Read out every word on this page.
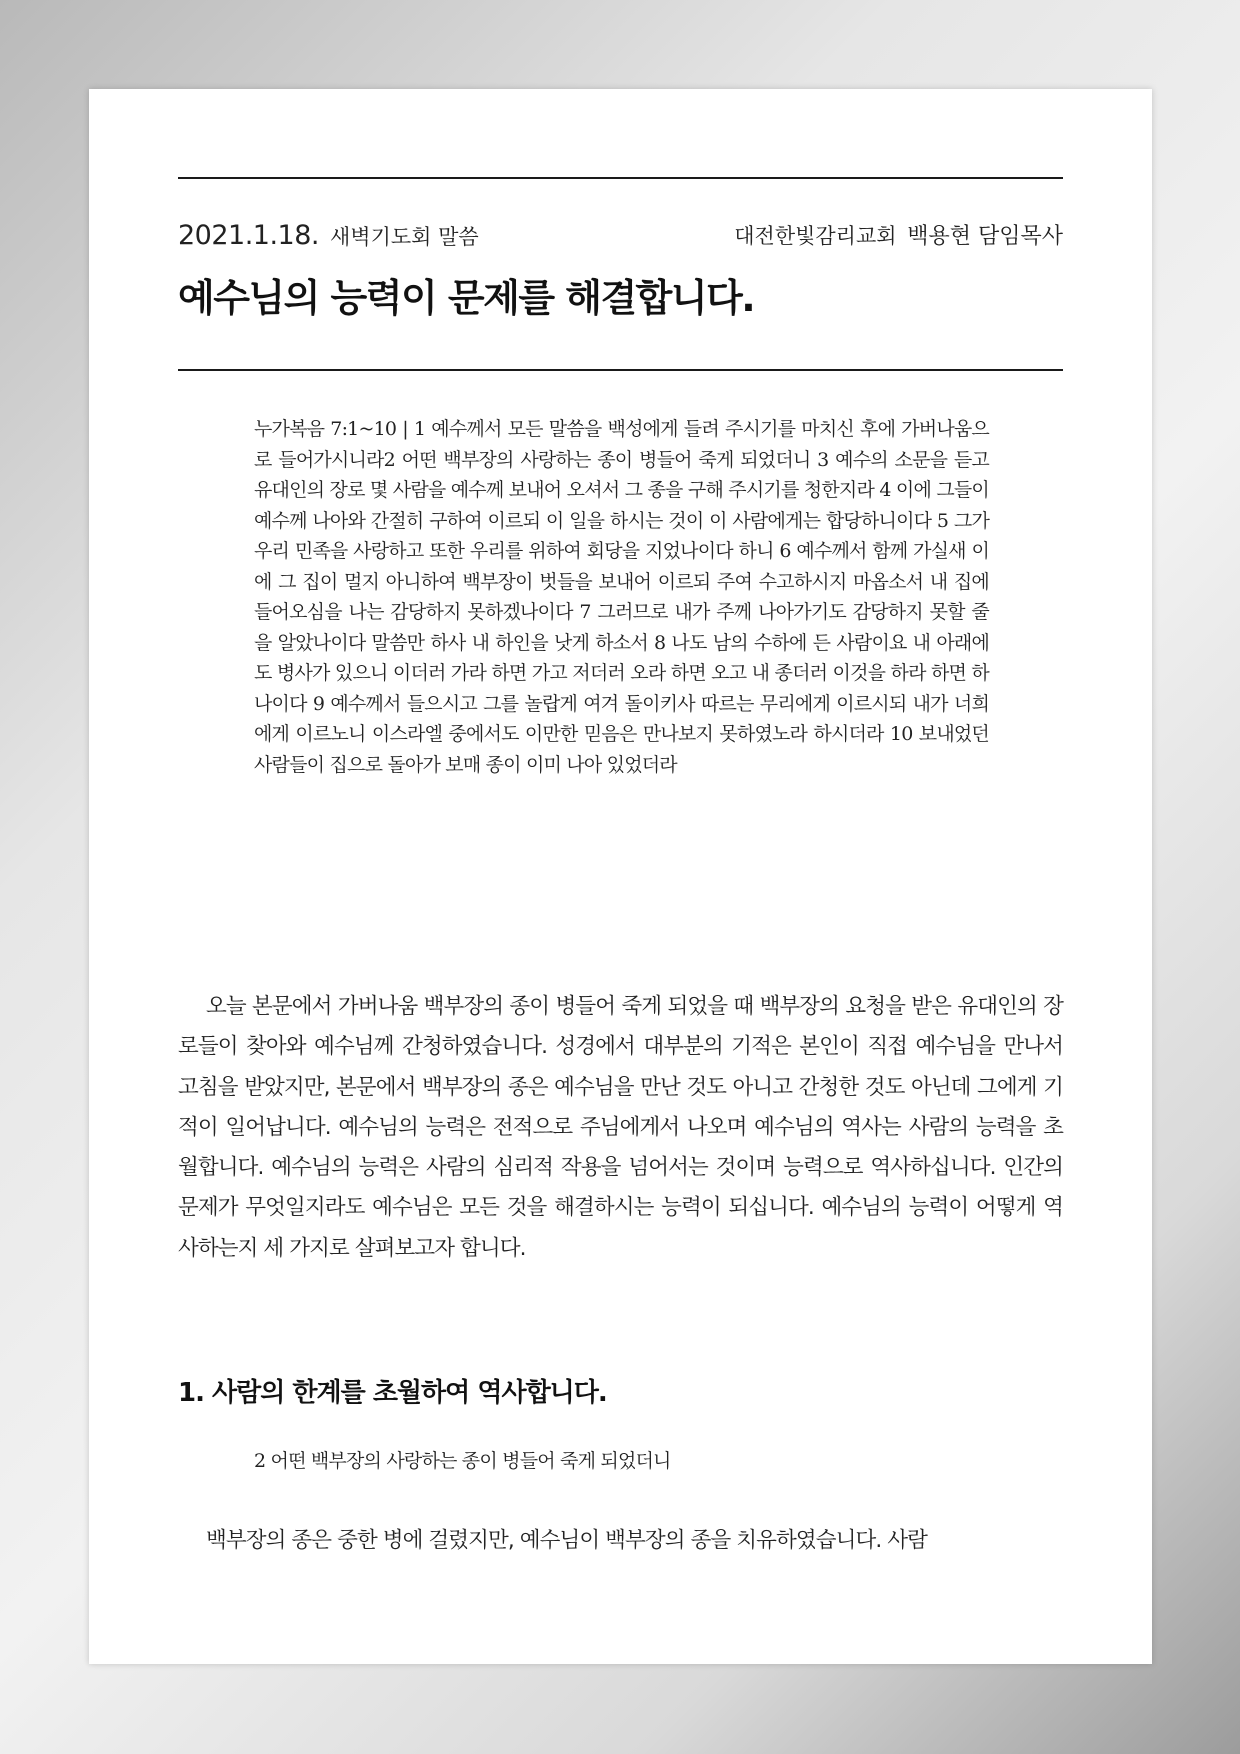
2021.1.18. 새벽기도회 말씀	대전한빛감리교회 백용현 담임목사
예수님의 능력이 문제를 해결합니다.

누가복음 7:1~10 | 1 예수께서 모든 말씀을 백성에게 들려 주시기를 마치신 후에 가버나움으로 들어가시니라2 어떤 백부장의 사랑하는 종이 병들어 죽게 되었더니 3 예수의 소문을 듣고 유대인의 장로 몇 사람을 예수께 보내어 오셔서 그 종을 구해 주시기를 청한지라 4 이에 그들이 예수께 나아와 간절히 구하여 이르되 이 일을 하시는 것이 이 사람에게는 합당하니이다 5 그가 우리 민족을 사랑하고 또한 우리를 위하여 회당을 지었나이다 하니 6 예수께서 함께 가실새 이에 그 집이 멀지 아니하여 백부장이 벗들을 보내어 이르되 주여 수고하시지 마옵소서 내 집에 들어오심을 나는 감당하지 못하겠나이다 7 그러므로 내가 주께 나아가기도 감당하지 못할 줄을 알았나이다 말씀만 하사 내 하인을 낫게 하소서 8 나도 남의 수하에 든 사람이요 내 아래에도 병사가 있으니 이더러 가라 하면 가고 저더러 오라 하면 오고 내 종더러 이것을 하라 하면 하나이다 9 예수께서 들으시고 그를 놀랍게 여겨 돌이키사 따르는 무리에게 이르시되 내가 너희에게 이르노니 이스라엘 중에서도 이만한 믿음은 만나보지 못하였노라 하시더라 10 보내었던 사람들이 집으로 돌아가 보매 종이 이미 나아 있었더라

오늘 본문에서 가버나움 백부장의 종이 병들어 죽게 되었을 때 백부장의 요청을 받은 유대인의 장로들이 찾아와 예수님께 간청하였습니다. 성경에서 대부분의 기적은 본인이 직접 예수님을 만나서 고침을 받았지만, 본문에서 백부장의 종은 예수님을 만난 것도 아니고 간청한 것도 아닌데 그에게 기적이 일어납니다. 예수님의 능력은 전적으로 주님에게서 나오며 예수님의 역사는 사람의 능력을 초월합니다. 예수님의 능력은 사람의 심리적 작용을 넘어서는 것이며 능력으로 역사하십니다. 인간의 문제가 무엇일지라도 예수님은 모든 것을 해결하시는 능력이 되십니다. 예수님의 능력이 어떻게 역사하는지 세 가지로 살펴보고자 합니다.

1. 사람의 한계를 초월하여 역사합니다.

2 어떤 백부장의 사랑하는 종이 병들어 죽게 되었더니

백부장의 종은 중한 병에 걸렸지만, 예수님이 백부장의 종을 치유하였습니다. 사람
